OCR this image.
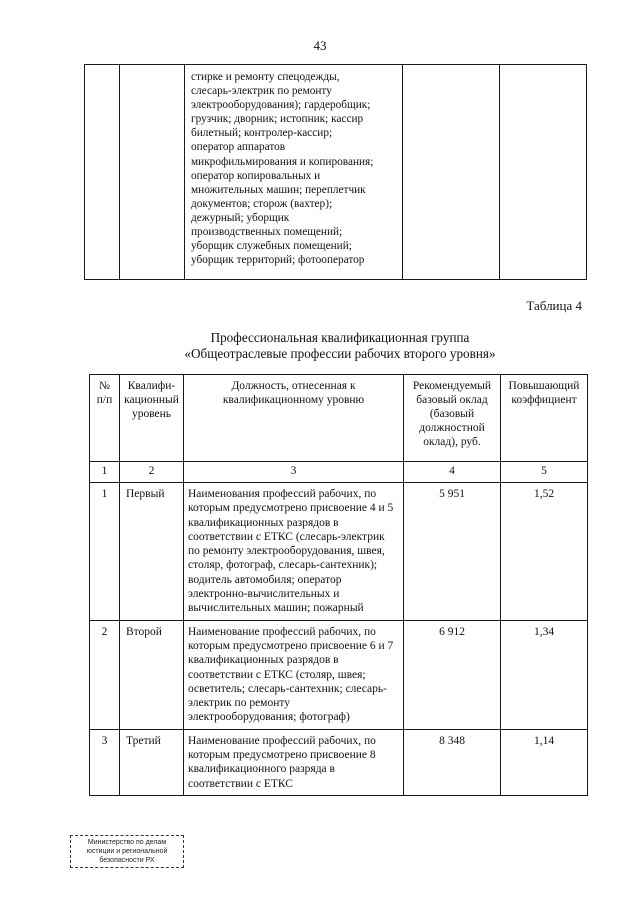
43

стирке и ремонту спецодежды,
слесарь-электрик по ремонту
электрооборудования); гардеробщик;
грузчик; дворник; истопник; кассир
билетный; контролер-кассир;
оператор аппаратов
микрофильмирования и копирования;
оператор копировальных и
множительных машин; переплетчик
документов; сторож (вахтер);
дежурный; уборщик
производственных помещений;
уборщик служебных помещений;
уборщик территорий; фотооператор

Таблица 4
Профессиональная квалификационная группа
«Общеотраслевые профессии рабочих второго уровня»
№ п/п	Квалифи- кационный уровень	Должность, отнесенная к квалификационному уровню	Рекомендуемый базовый оклад (базовый должностной оклад), руб.	Повышающий коэффициент
1	2	3	4	5
1	Первый	Наименования профессий рабочих, по которым предусмотрено присвоение 4 и 5 квалификационных разрядов в соответствии с ЕТКС (слесарь-электрик по ремонту электрооборудования, швея, столяр, фотограф, слесарь-сантехник); водитель автомобиля; оператор электронно-вычислительных и вычислительных машин; пожарный	5 951	1,52
2	Второй	Наименование профессий рабочих, по которым предусмотрено присвоение 6 и 7 квалификационных разрядов в соответствии с ЕТКС (столяр, швея; осветитель; слесарь-сантехник; слесарь-электрик по ремонту электрооборудования; фотограф)	6 912	1,34
3	Третий	Наименование профессий рабочих, по которым предусмотрено присвоение 8 квалификационного разряда в соответствии с ЕТКС	8 348	1,14
Министерство по делам
юстиции и региональной
безопасности РХ
